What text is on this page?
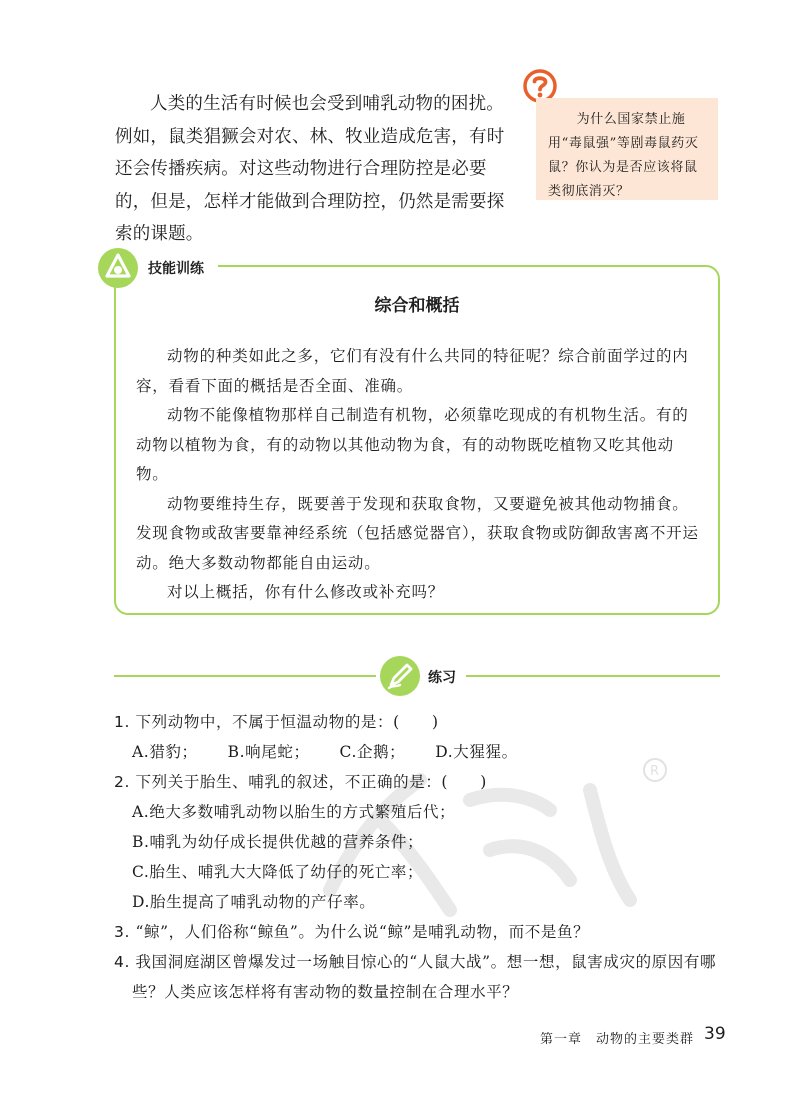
人类的生活有时候也会受到哺乳动物的困扰。例如，鼠类猖獗会对农、林、牧业造成危害，有时还会传播疾病。对这些动物进行合理防控是必要的，但是，怎样才能做到合理防控，仍然是需要探索的课题。

为什么国家禁止施用“毒鼠强”等剧毒鼠药灭鼠？你认为是否应该将鼠类彻底消灭？

技能训练
综合和概括

动物的种类如此之多，它们有没有什么共同的特征呢？综合前面学过的内容，看看下面的概括是否全面、准确。

动物不能像植物那样自己制造有机物，必须靠吃现成的有机物生活。有的动物以植物为食，有的动物以其他动物为食，有的动物既吃植物又吃其他动物。

动物要维持生存，既要善于发现和获取食物，又要避免被其他动物捕食。发现食物或敌害要靠神经系统（包括感觉器官），获取食物或防御敌害离不开运动。绝大多数动物都能自由运动。

对以上概括，你有什么修改或补充吗？

练习
R

1. 下列动物中，不属于恒温动物的是：(　　)

A.猎豹； B.响尾蛇； C.企鹅； D.大猩猩。

2. 下列关于胎生、哺乳的叙述，不正确的是：(　　)

A.绝大多数哺乳动物以胎生的方式繁殖后代；

B.哺乳为幼仔成长提供优越的营养条件；

C.胎生、哺乳大大降低了幼仔的死亡率；

D.胎生提高了哺乳动物的产仔率。

3. “鲸”，人们俗称“鲸鱼”。为什么说“鲸”是哺乳动物，而不是鱼？

4. 我国洞庭湖区曾爆发过一场触目惊心的“人鼠大战”。想一想，鼠害成灾的原因有哪些？人类应该怎样将有害动物的数量控制在合理水平？

第一章　动物的主要类群 39
